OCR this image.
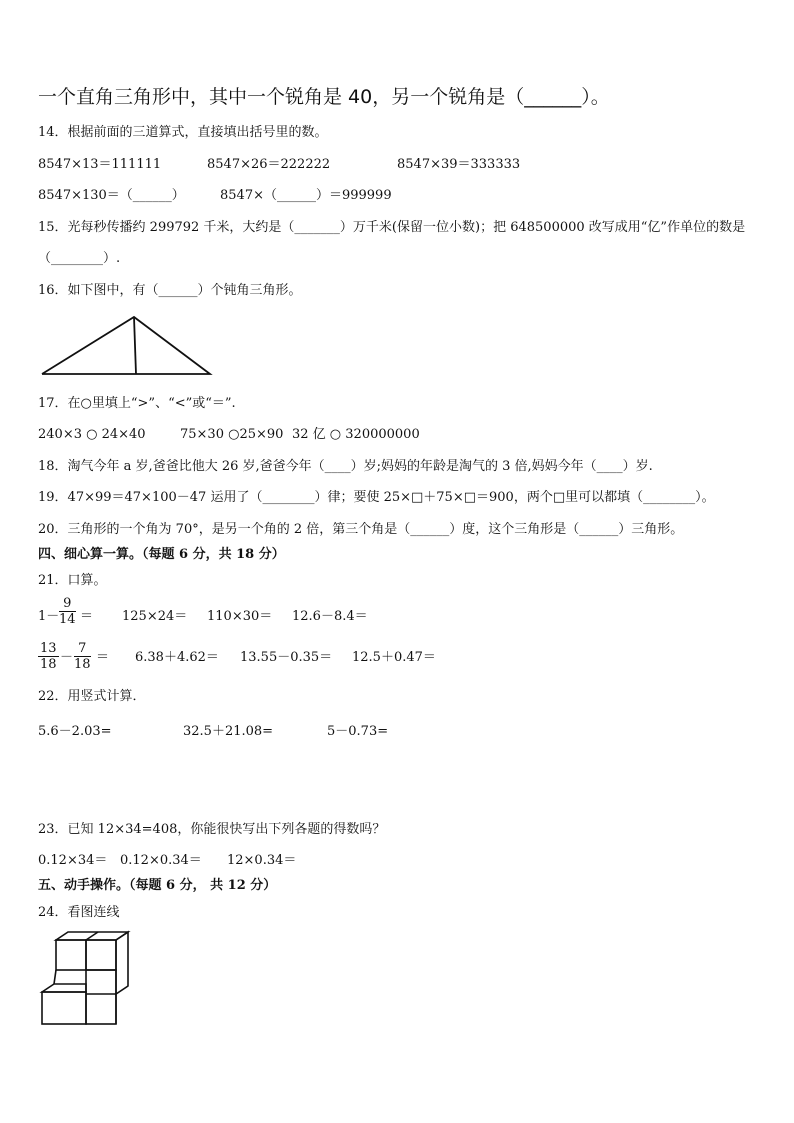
一个直角三角形中，其中一个锐角是 40，另一个锐角是（______）。
14．根据前面的三道算式，直接填出括号里的数。
8547×13＝111111	8547×26＝222222	8547×39＝333333
8547×130＝（______）	8547×（______）＝999999
15．光每秒传播约 299792 千米，大约是（_______）万千米(保留一位小数)；把 648500000 改写成用“亿”作单位的数是
（________）.
16．如下图中，有（______）个钝角三角形。
17．在○里填上“>”、“<”或“＝”.
240×3 ○ 24×40	75×30 ○25×90 32 亿 ○ 320000000
18．淘气今年 a 岁,爸爸比他大 26 岁,爸爸今年（____）岁;妈妈的年龄是淘气的 3 倍,妈妈今年（____）岁.
19．47×99＝47×100－47 运用了（________）律；要使 25×□＋75×□＝900，两个□里可以都填（________）。
20．三角形的一个角为 70°，是另一个角的 2 倍，第三个角是（______）度，这个三角形是（______）三角形。
四、细心算一算。（每题 6 分，共 18 分）
21．口算。
$1- \frac{9}{14} = 125\times 24= 110\times 30= 12.6-8.4=$
$\frac{13}{18} - \frac{7}{18} = 6.38+4.62= 13.55-0.35= 12.5+0.47=$
22．用竖式计算．
5.6－2.03=	32.5＋21.08=	5－0.73=
23．已知 12×34=408，你能很快写出下列各题的得数吗？
0.12×34＝ 0.12×0.34＝ 12×0.34＝
五、动手操作。（每题 6 分， 共 12 分）
24．看图连线
